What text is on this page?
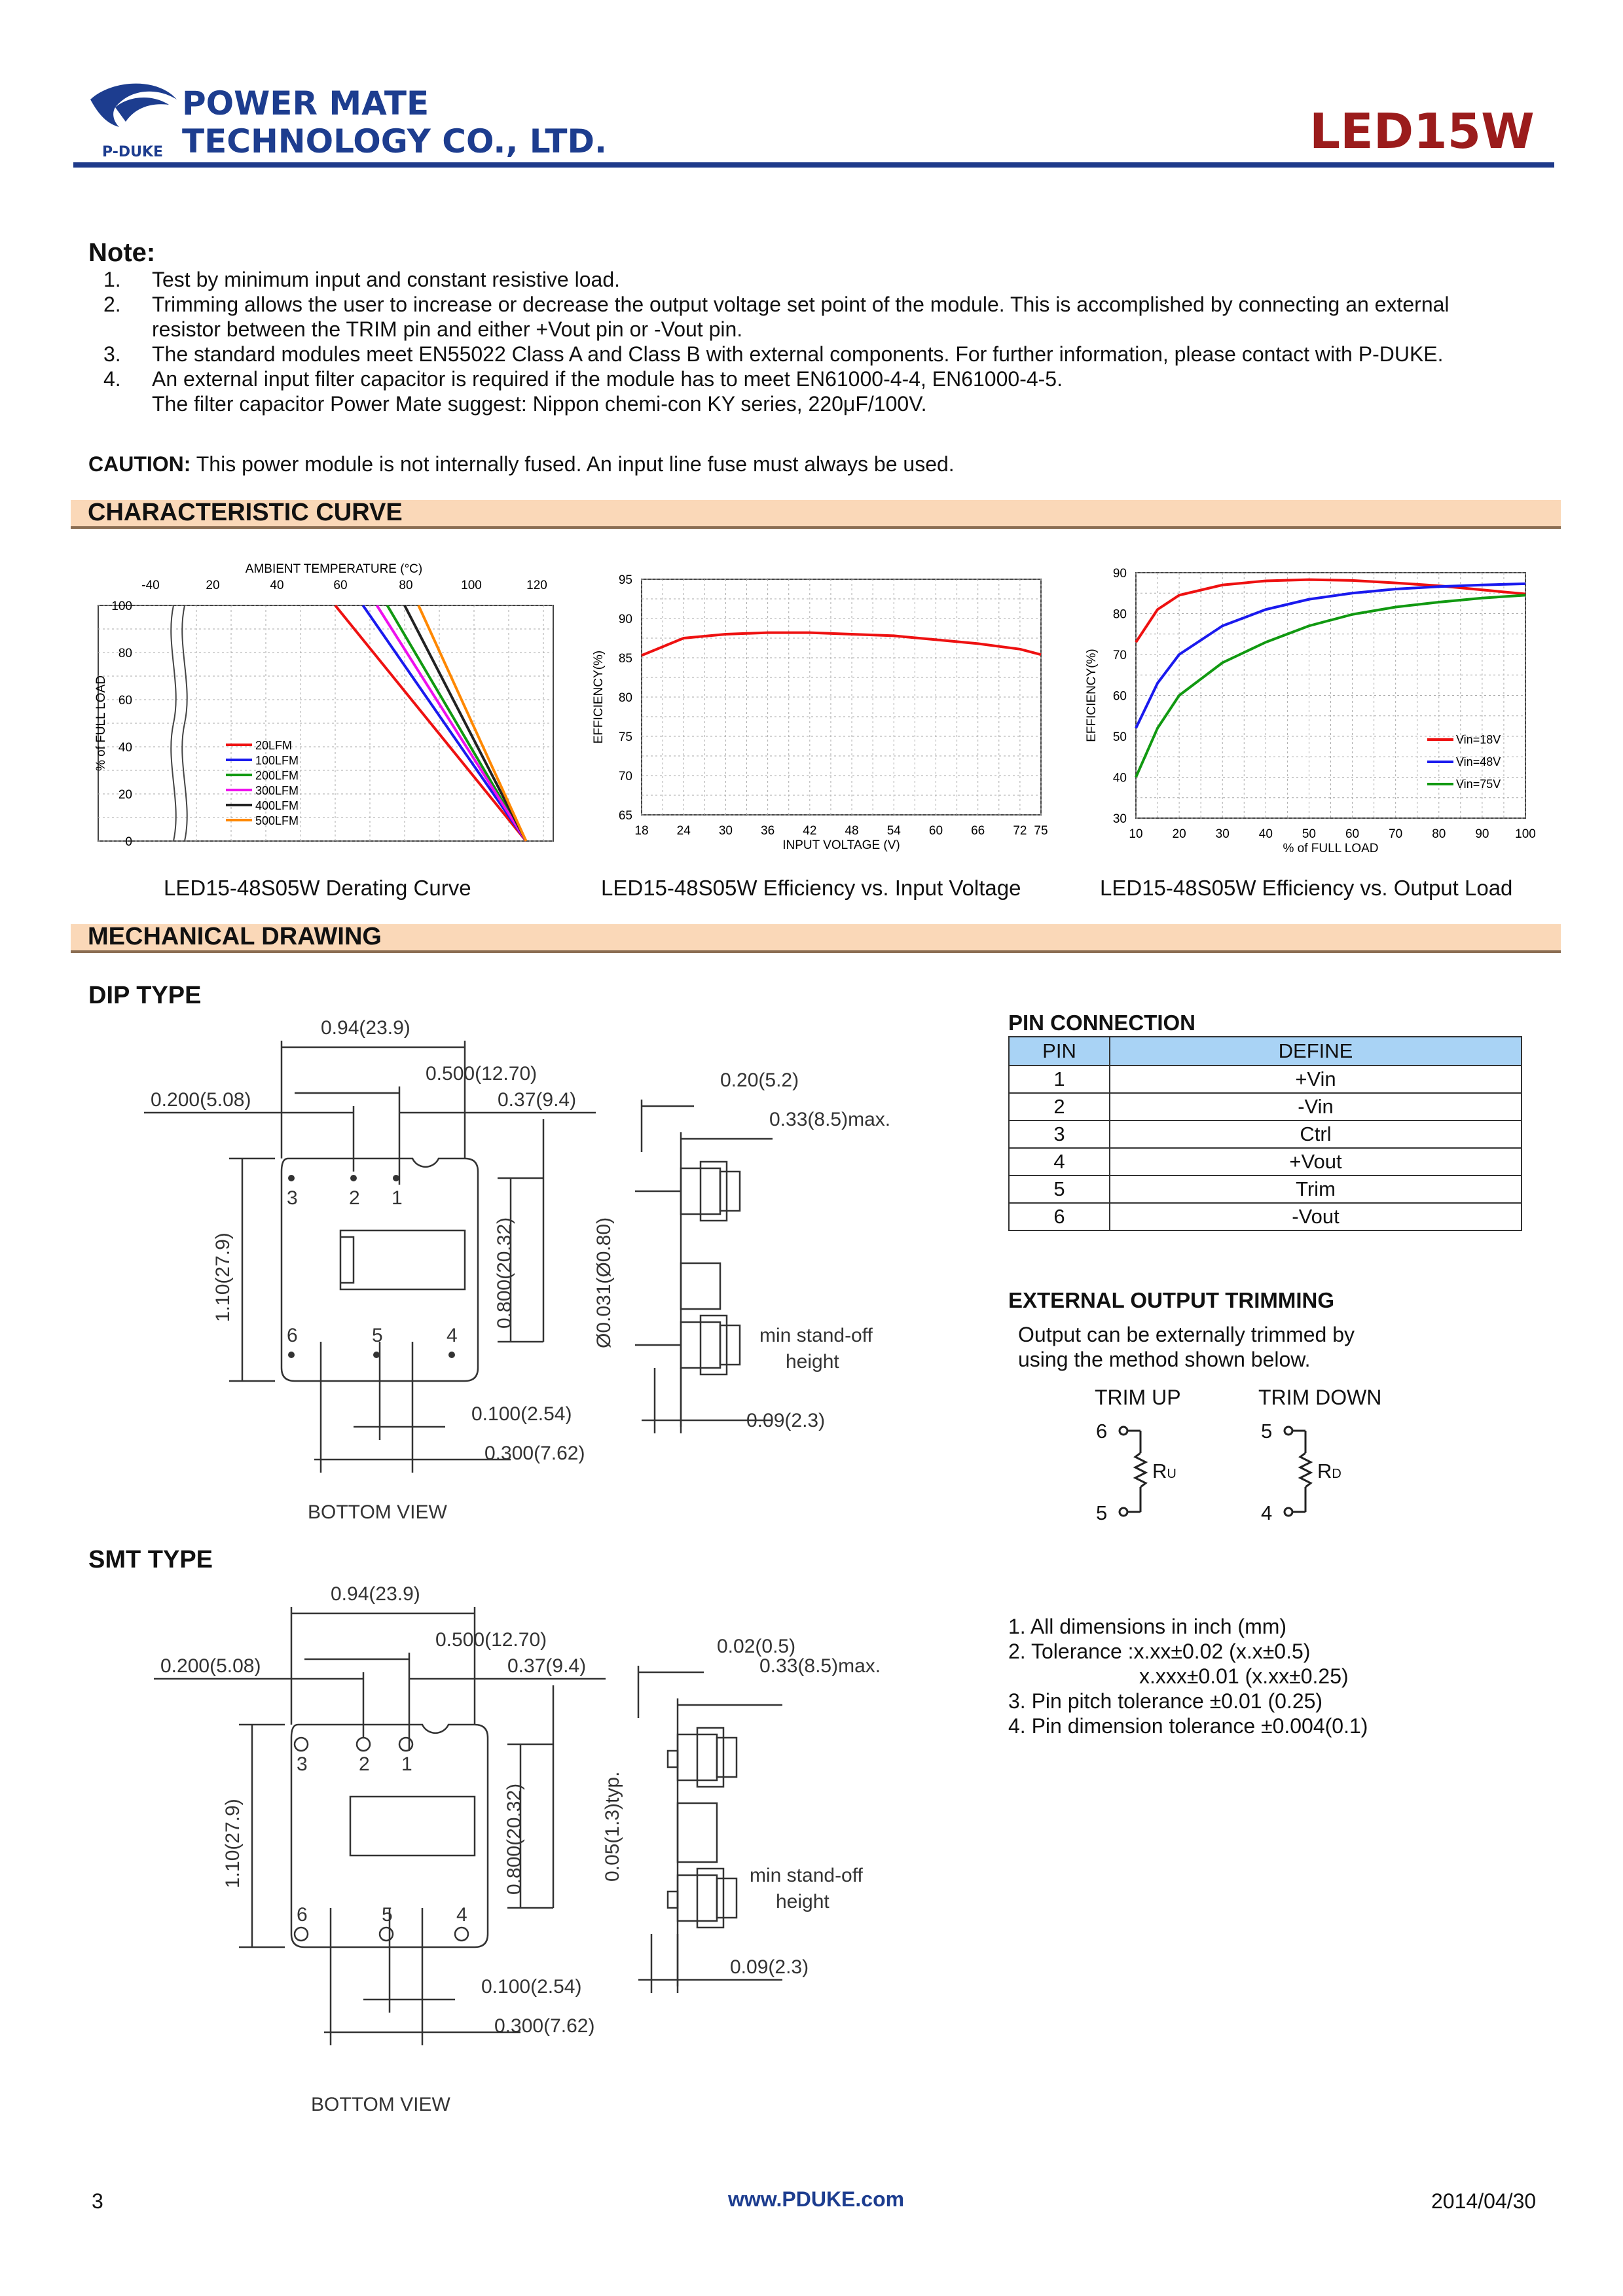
P-DUKE
POWER MATE
TECHNOLOGY CO., LTD.	LED15W
Note:
1.	Test by minimum input and constant resistive load.
2.	Trimming allows the user to increase or decrease the output voltage set point of the module. This is accomplished by connecting an external
resistor between the TRIM pin and either +Vout pin or -Vout pin.
3.	The standard modules meet EN55022 Class A and Class B with external components. For further information, please contact with P-DUKE.
4.	An external input filter capacitor is required if the module has to meet EN61000-4-4, EN61000-4-5.
The filter capacitor Power Mate suggest: Nippon chemi-con KY series, 220μF/100V.
CAUTION: This power module is not internally fused. An input line fuse must always be used.
CHARACTERISTIC CURVE
-40	20	40	60	80	100	120
100
80
60
40
20
0
AMBIENT TEMPERATURE (°C)
% of FULL LOAD	20LFM
100LFM
200LFM
300LFM
400LFM
500LFM
18 24 30 36 42 48 54 60 66 72 75
95
90
85
80
75
70
65
INPUT VOLTAGE (V)
EFFICIENCY(%)
10 20 30 40 50 60 70 80 90 100
90
80
70
60
50
40
30
% of FULL LOAD
EFFICIENCY(%)	Vin=18V
Vin=48V
Vin=75V
LED15-48S05W Derating Curve	LED15-48S05W Efficiency vs. Input Voltage	LED15-48S05W Efficiency vs. Output Load
MECHANICAL DRAWING
DIP TYPE
SMT TYPE
0.94(23.9)
0.500(12.70)
0.200(5.08)	0.37(9.4)
0.20(5.2)
0.33(8.5)max.
0.100(2.54)
0.300(7.62)
0.09(2.3)
BOTTOM VIEW
min stand-off
height
1.10(27.9)	0.800(20.32)	Ø0.031(Ø0.80)
3	2 1
6	5	4
0.94(23.9)
0.500(12.70)
0.200(5.08)	0.37(9.4)
0.02(0.5)
0.33(8.5)max.
0.100(2.54)
0.300(7.62)
0.09(2.3)
BOTTOM VIEW
min stand-off
height
1.10(27.9)	0.800(20.32)	0.05(1.3)typ.
3	2 1
6	5	4
PIN CONNECTION
PIN	DEFINE
1	+Vin
2	-Vin
3	Ctrl
4	+Vout
5	Trim
6	-Vout
EXTERNAL OUTPUT TRIMMING
Output can be externally trimmed by
using the method shown below.
TRIM UP	TRIM DOWN
6
5
5
4
RU	RD
1. All dimensions in inch (mm)
2. Tolerance :x.xx±0.02 (x.x±0.5)
x.xxx±0.01 (x.xx±0.25)
3. Pin pitch tolerance ±0.01 (0.25)
4. Pin dimension tolerance ±0.004(0.1)
3	www.PDUKE.com	2014/04/30
